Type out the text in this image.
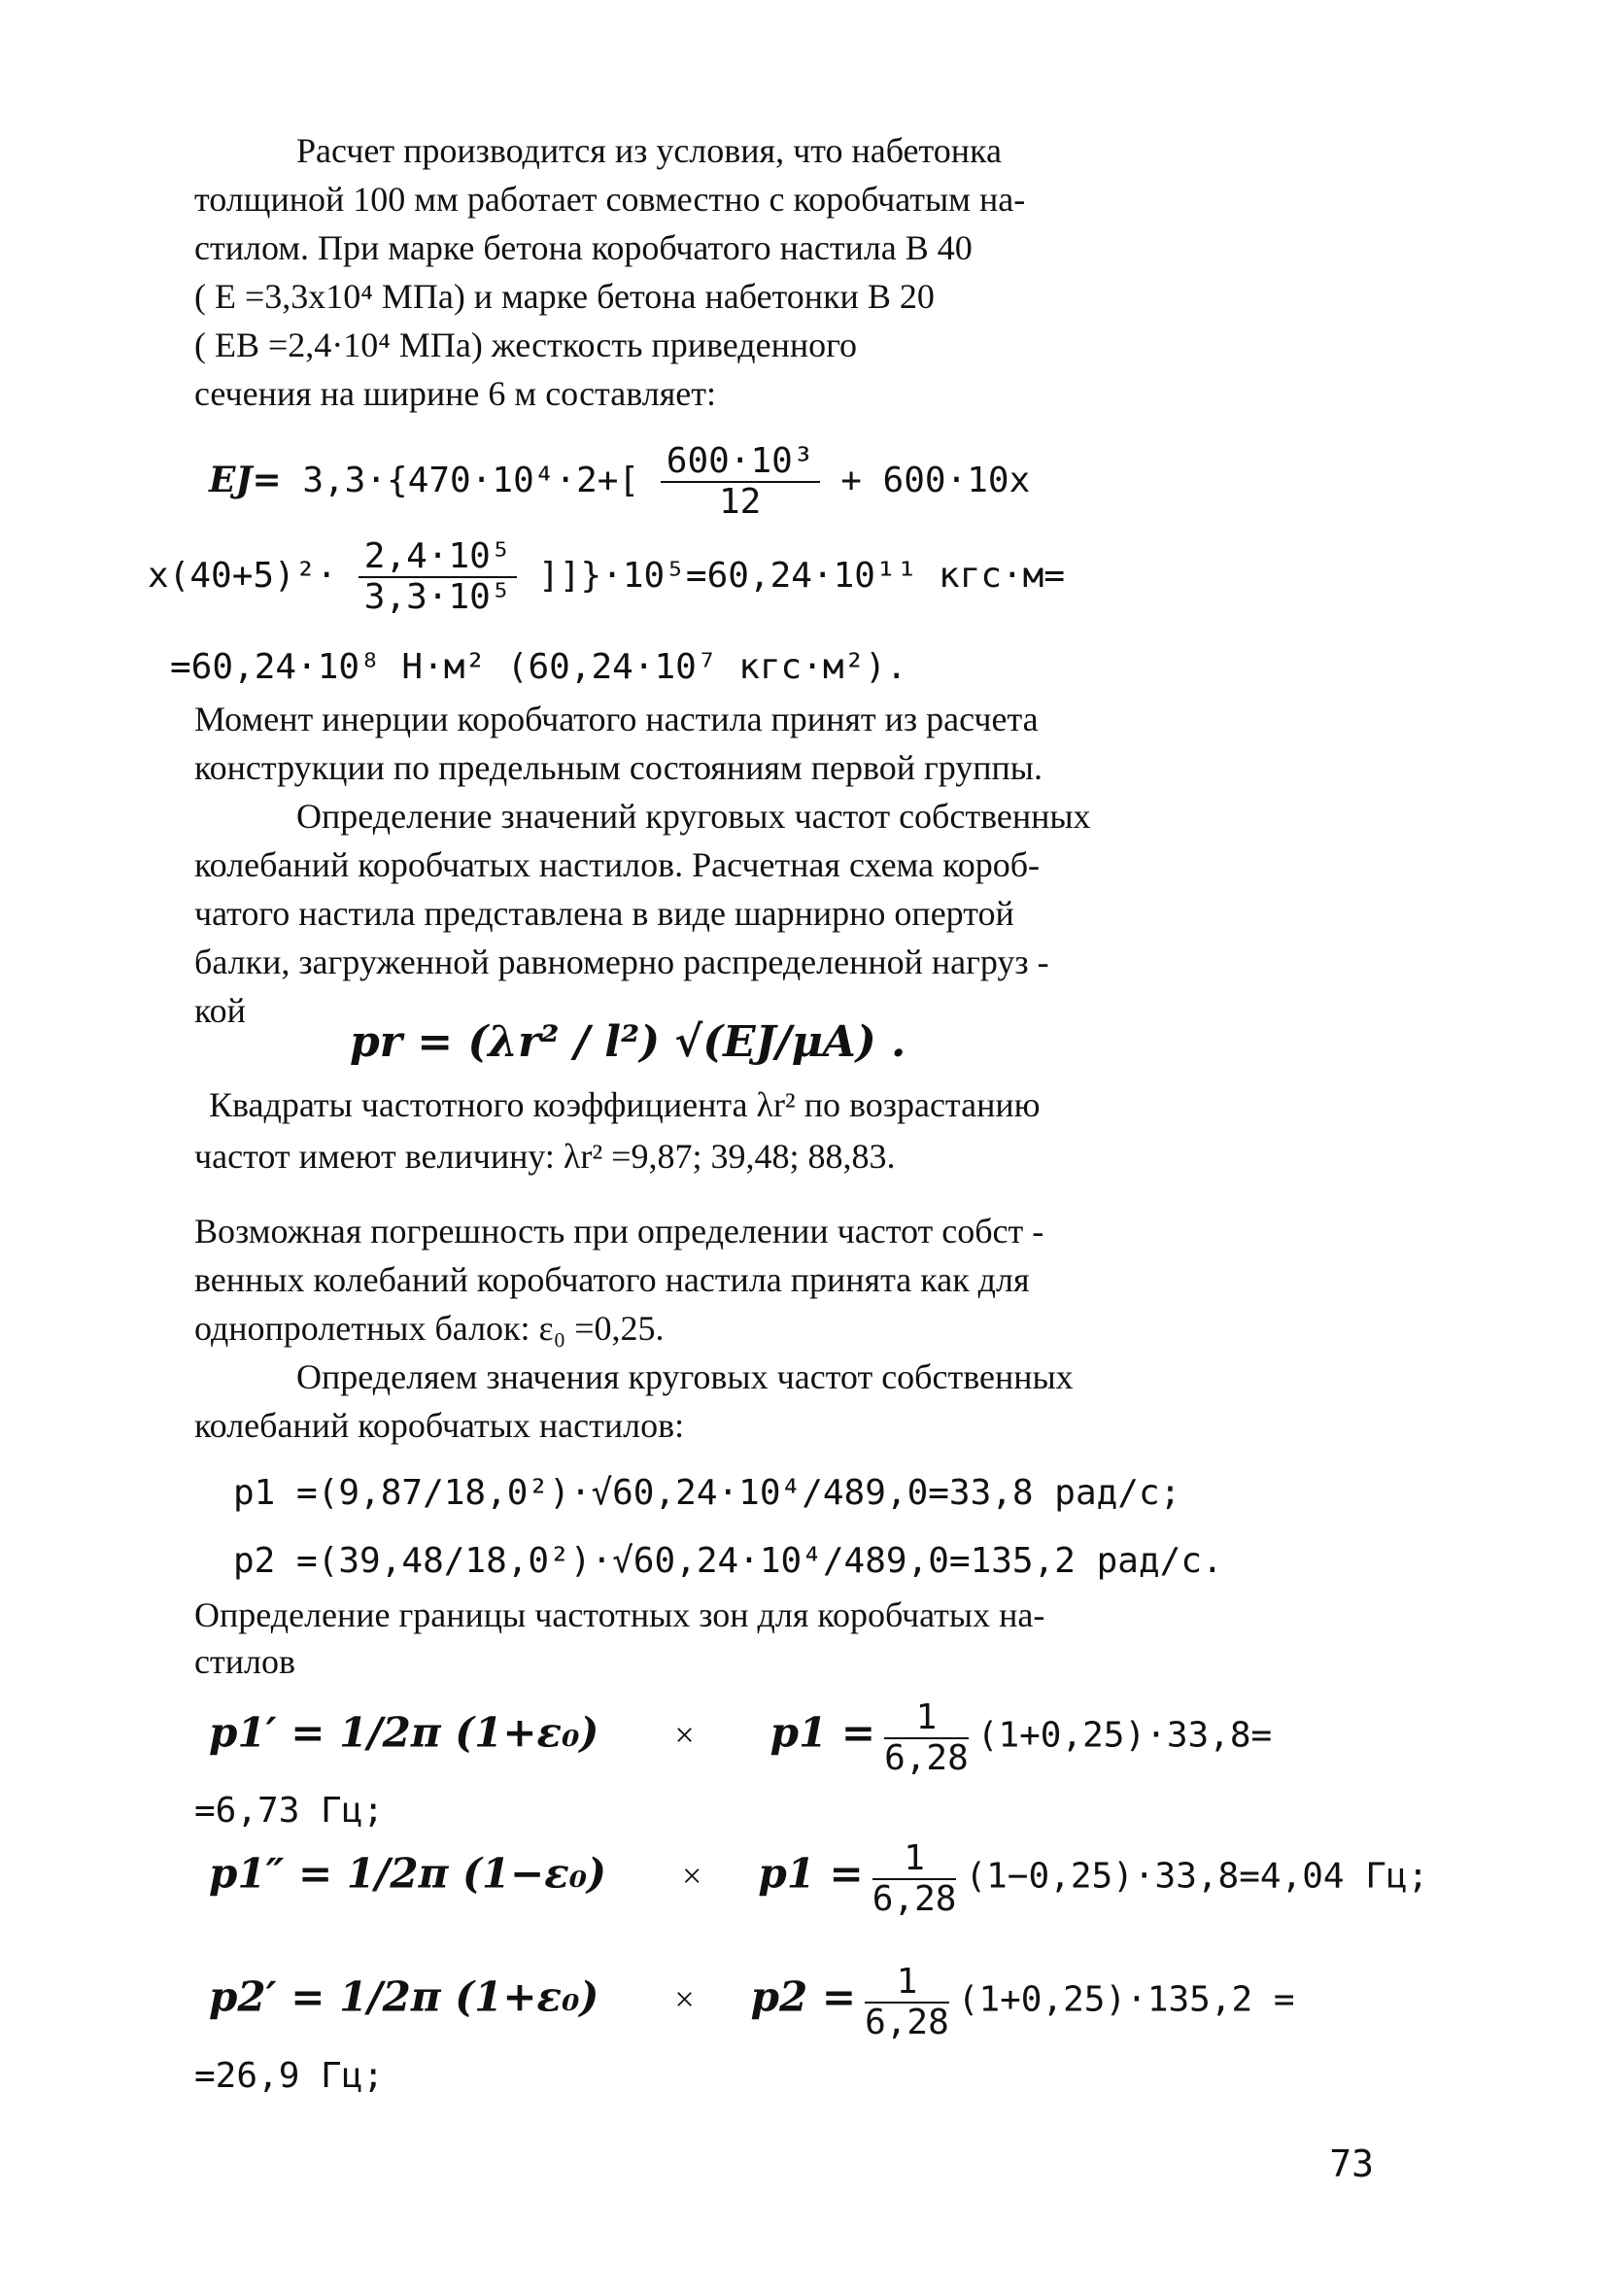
Расчет производится из условия, что набетонка
толщиной 100 мм работает совместно с коробчатым на-
стилом. При марке бетона коробчатого настила B 40
( E =3,3x10⁴ МПа) и марке бетона набетонки B 20
( EB =2,4·10⁴ МПа) жесткость приведенного
сечения на ширине 6 м составляет:
$EJ= 3,3\cdot\{470\cdot 10^4\cdot 2+[ \frac{\text{600·10³}}{12} + 600\cdot 10x$
$x(40+5)^2\cdot \frac{\text{2,4·10⁵}}{\text{3,3·10⁵}} ]]\}\cdot 10^5=60,24\cdot 10^{11}$ кгс·м=
=60,24·10⁸ Н·м² (60,24·10⁷ кгс·м²).
Момент инерции коробчатого настила принят из расчета
конструкции по предельным состояниям первой группы.
Определение значений круговых частот собственных
колебаний коробчатых настилов. Расчетная схема короб-
чатого настила представлена в виде шарнирно опертой
балки, загруженной равномерно распределенной нагруз -
кой
pr = (λr² / l²) √(EJ/μA) .
Квадраты частотного коэффициента λr² по возрастанию
частот имеют величину: λr² =9,87; 39,48; 88,83.
Возможная погрешность при определении частот собст -
венных колебаний коробчатого настила принята как для
однопролетных балок: ε₀ =0,25.
Определяем значения круговых частот собственных
колебаний коробчатых настилов:
p1 =(9,87/18,0²)·√60,24·10⁴/489,0=33,8 рад/с;
p2 =(39,48/18,0²)·√60,24·10⁴/489,0=135,2 рад/с.
Определение границы частотных зон для коробчатых на-
стилов
p1′ = 1/2π $(1+\varepsilon_0) \times p1 = \frac{1}{6,28} (1+0,25)\cdot 33,8=$
=6,73 Гц;
p1″ = 1/2π $(1-\varepsilon_0) \times p1 = \frac{1}{6,28} (1-0,25)\cdot 33,8=4,04$ Гц;
p2′ = 1/2π $(1+\varepsilon_0) \times p2 = \frac{1}{6,28} (1+0,25)\cdot 135,2$ =
=26,9 Гц;
73
